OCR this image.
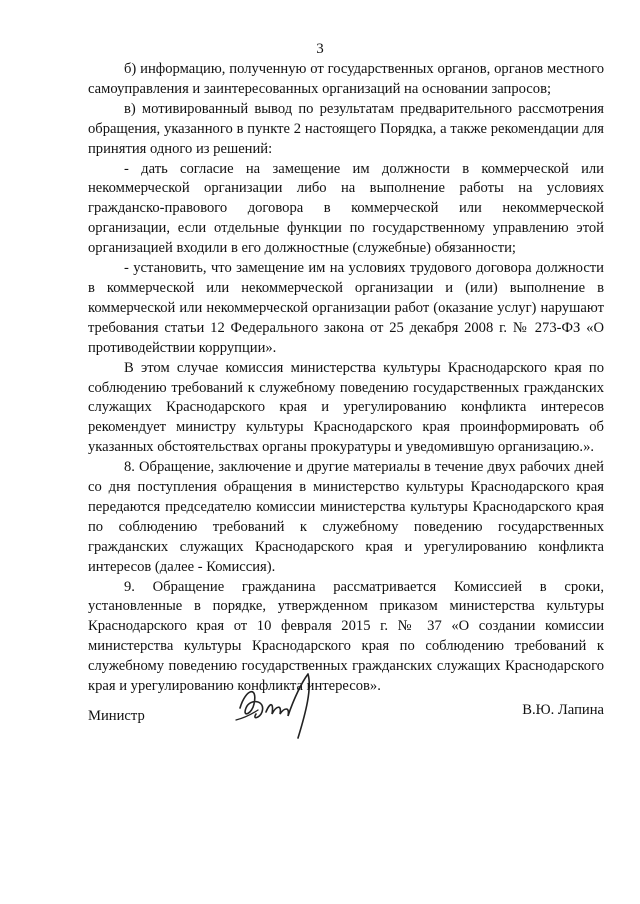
3

б) информацию, полученную от государственных органов, органов местного самоуправления и заинтересованных организаций на основании запросов;

в) мотивированный вывод по результатам предварительного рассмотрения обращения, указанного в пункте 2 настоящего Порядка, а также рекомендации для принятия одного из решений:

- дать согласие на замещение им должности в коммерческой или некоммерческой организации либо на выполнение работы на условиях гражданско-правового договора в коммерческой или некоммерческой организации, если отдельные функции по государственному управлению этой организацией входили в его должностные (служебные) обязанности;

- установить, что замещение им на условиях трудового договора должности в коммерческой или некоммерческой организации и (или) выполнение в коммерческой или некоммерческой организации работ (оказание услуг) нарушают требования статьи 12 Федерального закона от 25 декабря 2008 г. № 273-ФЗ «О противодействии коррупции».

В этом случае комиссия министерства культуры Краснодарского края по соблюдению требований к служебному поведению государственных гражданских служащих Краснодарского края и урегулированию конфликта интересов рекомендует министру культуры Краснодарского края проинформировать об указанных обстоятельствах органы прокуратуры и уведомившую организацию.».

8. Обращение, заключение и другие материалы в течение двух рабочих дней со дня поступления обращения в министерство культуры Краснодарского края передаются председателю комиссии министерства культуры Краснодарского края по соблюдению требований к служебному поведению государственных гражданских служащих Краснодарского края и урегулированию конфликта интересов (далее - Комиссия).

9. Обращение гражданина рассматривается Комиссией в сроки, установленные в порядке, утвержденном приказом министерства культуры Краснодарского края от 10 февраля 2015 г. № 37 «О создании комиссии министерства культуры Краснодарского края по соблюдению требований к служебному поведению государственных гражданских служащих Краснодарского края и урегулированию конфликта интересов».

Министр	В.Ю. Лапина
